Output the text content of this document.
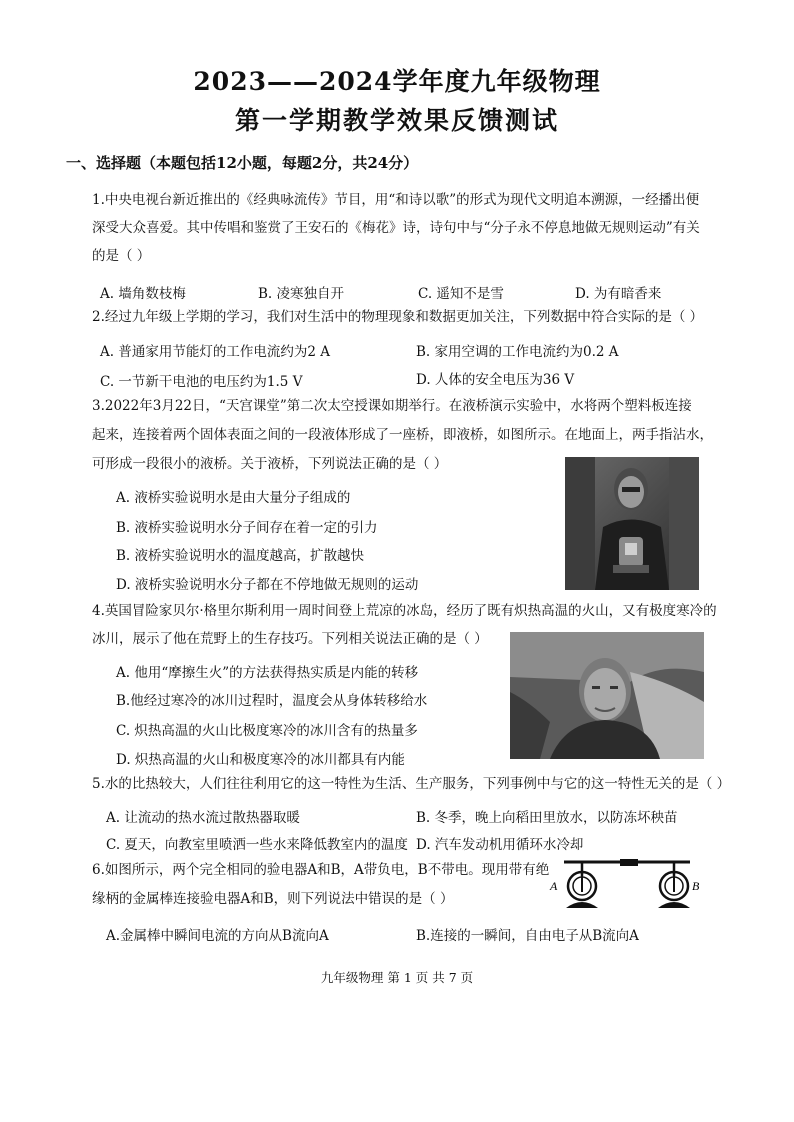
2023——2024学年度九年级物理
第一学期教学效果反馈测试
一、选择题（本题包括12小题，每题2分，共24分）
1.中央电视台新近推出的《经典咏流传》节目，用“和诗以歌”的形式为现代文明追本溯源，一经播出便
深受大众喜爱。其中传唱和鉴赏了王安石的《梅花》诗，诗句中与“分子永不停息地做无规则运动”有关
的是（ ）
A. 墙角数枝梅	B. 凌寒独自开	C. 遥知不是雪	D. 为有暗香来
2.经过九年级上学期的学习，我们对生活中的物理现象和数据更加关注，下列数据中符合实际的是（ ）
A. 普通家用节能灯的工作电流约为2 A	B. 家用空调的工作电流约为0.2 A
C. 一节新干电池的电压约为1.5 V	D. 人体的安全电压为36 V
3.2022年3月22日，“天宫课堂”第二次太空授课如期举行。在液桥演示实验中，水将两个塑料板连接
起来，连接着两个固体表面之间的一段液体形成了一座桥，即液桥，如图所示。在地面上，两手指沾水，
可形成一段很小的液桥。关于液桥，下列说法正确的是（ ）
A. 液桥实验说明水是由大量分子组成的
B. 液桥实验说明水分子间存在着一定的引力
B. 液桥实验说明水的温度越高，扩散越快
D. 液桥实验说明水分子都在不停地做无规则的运动
4.英国冒险家贝尔·格里尔斯利用一周时间登上荒凉的冰岛，经历了既有炽热高温的火山，又有极度寒冷的
冰川，展示了他在荒野上的生存技巧。下列相关说法正确的是（ ）
A. 他用“摩擦生火”的方法获得热实质是内能的转移
B.他经过寒冷的冰川过程时，温度会从身体转移给水
C. 炽热高温的火山比极度寒冷的冰川含有的热量多
D. 炽热高温的火山和极度寒冷的冰川都具有内能
5.水的比热较大，人们往往利用它的这一特性为生活、生产服务，下列事例中与它的这一特性无关的是（ ）
A. 让流动的热水流过散热器取暖	B. 冬季，晚上向稻田里放水，以防冻坏秧苗
C. 夏天，向教室里喷洒一些水来降低教室内的温度 D. 汽车发动机用循环水冷却
6.如图所示，两个完全相同的验电器A和B，A带负电，B不带电。现用带有绝
缘柄的金属棒连接验电器A和B，则下列说法中错误的是（ ）
A.金属棒中瞬间电流的方向从B流向A	B.连接的一瞬间，自由电子从B流向A
A	B
九年级物理 第 1 页 共 7 页
